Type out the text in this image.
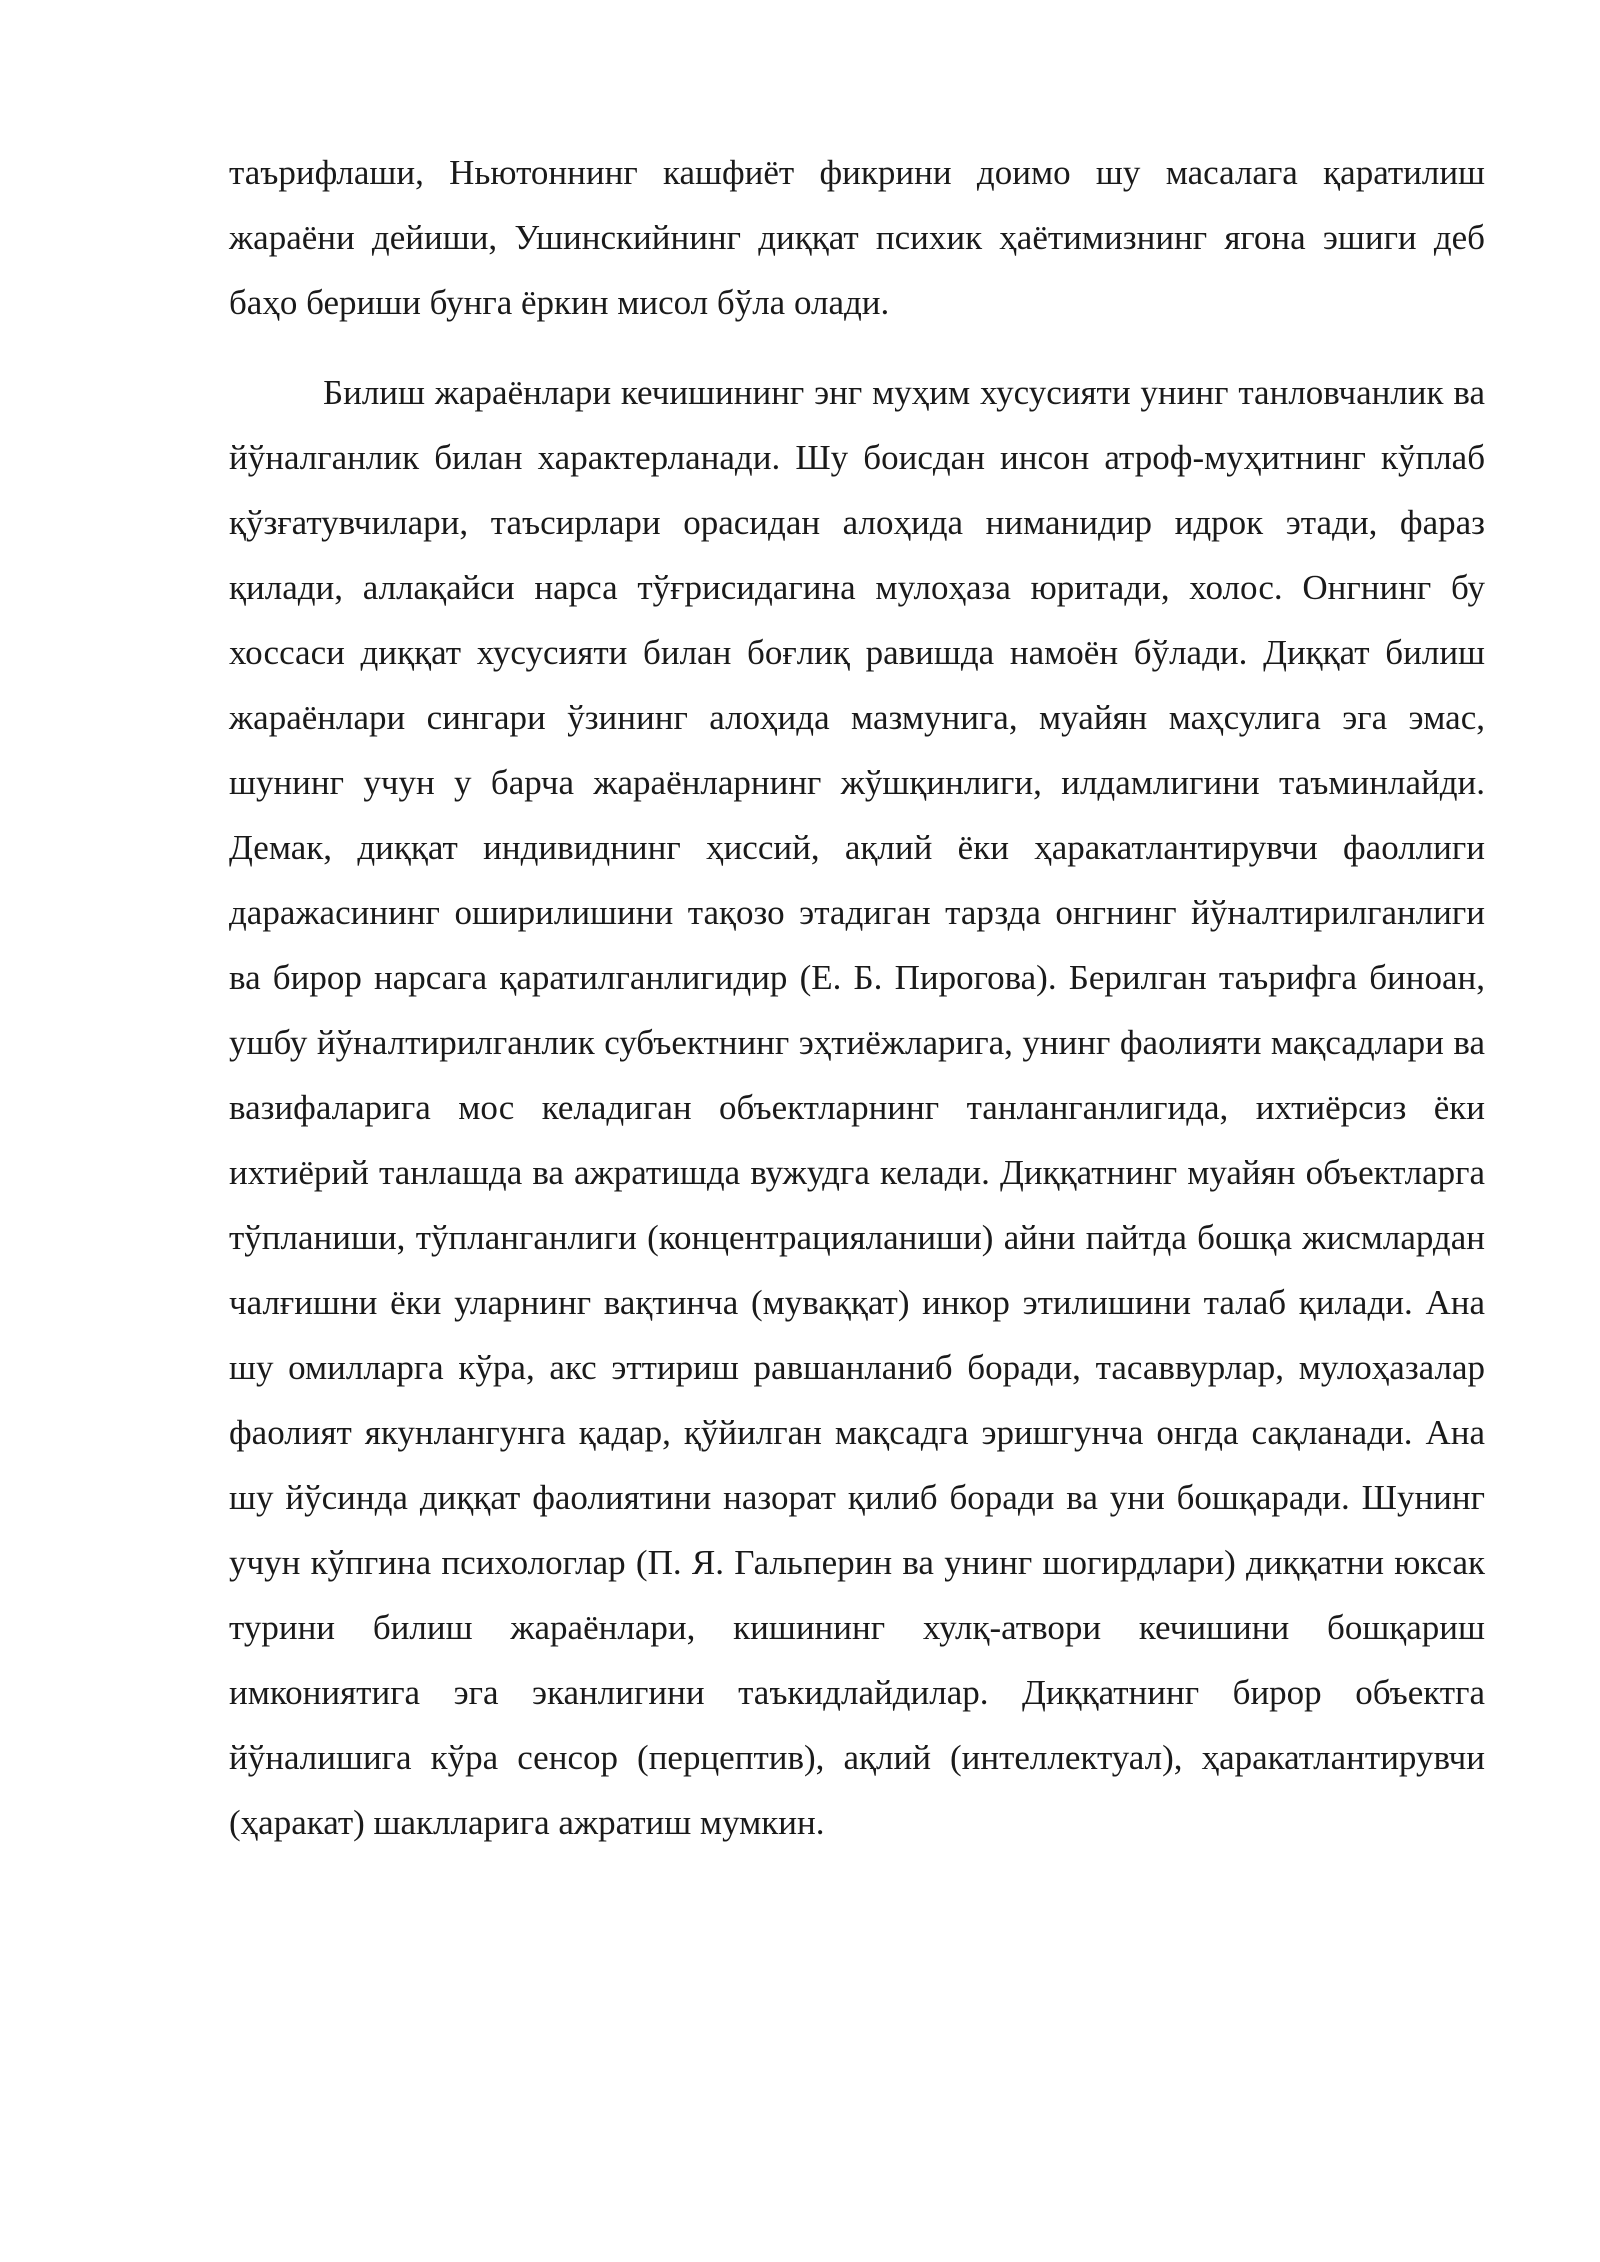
таърифлаши, Ньютоннинг кашфиёт фикрини доимо шу масалага қаратилиш жараёни дейиши, Ушинскийнинг диққат психик ҳаётимизнинг ягона эшиги деб баҳо бериши бунга ёркин мисол бўла олади.

Билиш жараёнлари кечишининг энг муҳим хусусияти унинг танловчанлик ва йўналганлик билан характерланади. Шу боисдан инсон атроф-муҳитнинг кўплаб қўзғатувчилари, таъсирлари орасидан алоҳида ниманидир идрок этади, фараз қилади, аллақайси нарса тўғрисидагина мулоҳаза юритади, холос. Онгнинг бу хоссаси диққат хусусияти билан боғлиқ равишда намоён бўлади. Диққат билиш жараёнлари сингари ўзининг алоҳида мазмунига, муайян маҳсулига эга эмас, шунинг учун у барча жараёнларнинг жўшқинлиги, илдамлигини таъминлайди. Демак, диққат индивиднинг ҳиссий, ақлий ёки ҳаракатлантирувчи фаоллиги даражасининг оширилишини тақозо этадиган тарзда онгнинг йўналтирилганлиги ва бирор нарсага қаратилганлигидир (Е. Б. Пирогова). Берилган таърифга биноан, ушбу йўналтирилганлик субъектнинг эҳтиёжларига, унинг фаолияти мақсадлари ва вазифаларига мос келадиган объектларнинг танланганлигида, ихтиёрсиз ёки ихтиёрий танлашда ва ажратишда вужудга келади. Диққатнинг муайян объектларга тўпланиши, тўпланганлиги (концентрацияланиши) айни пайтда бошқа жисмлардан чалғишни ёки уларнинг вақтинча (муваққат) инкор этилишини талаб қилади. Ана шу омилларга кўра, акс эттириш равшанланиб боради, тасаввурлар, мулоҳазалар фаолият якунлангунга қадар, қўйилган мақсадга эришгунча онгда сақланади. Ана шу йўсинда диққат фаолиятини назорат қилиб боради ва уни бошқаради. Шунинг учун кўпгина психологлар (П. Я. Гальперин ва унинг шогирдлари) диққатни юксак турини билиш жараёнлари, кишининг хулқ-атвори кечишини бошқариш имкониятига эга эканлигини таъкидлайдилар. Диққатнинг бирор объектга йўналишига кўра сенсор (перцептив), ақлий (интеллектуал), ҳаракатлантирувчи (ҳаракат) шаклларига ажратиш мумкин.
